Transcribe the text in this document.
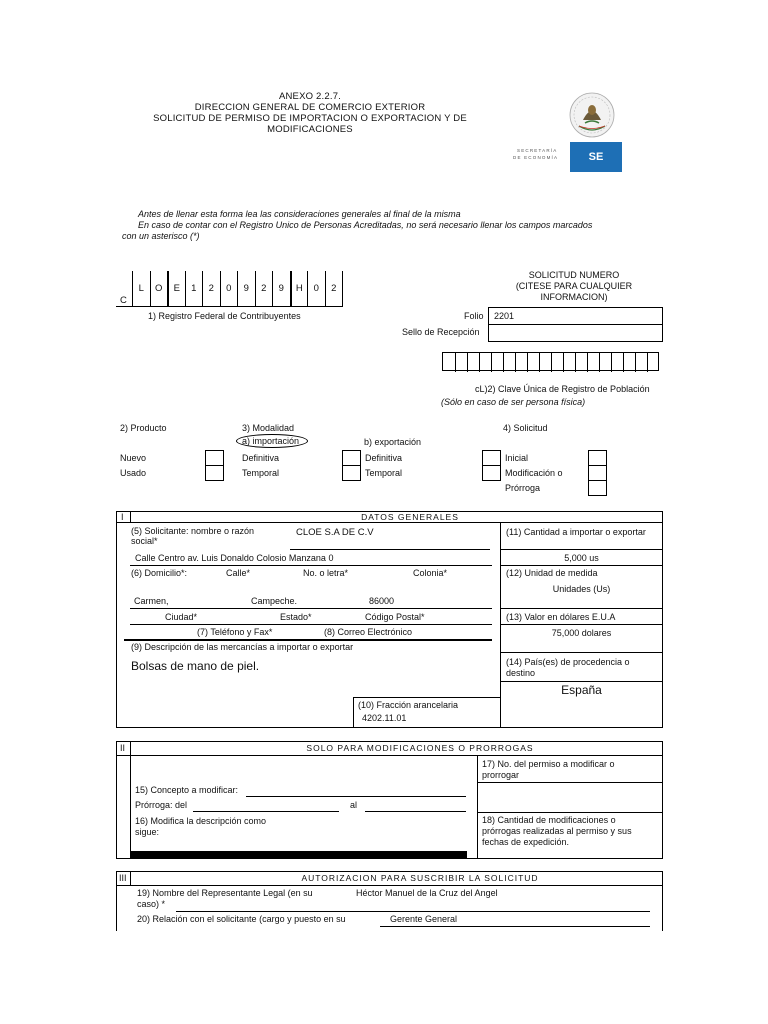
ANEXO 2.2.7.
DIRECCION GENERAL DE COMERCIO EXTERIOR
SOLICITUD DE PERMISO DE IMPORTACION O EXPORTACION Y DE
MODIFICACIONES
SECRETARÍA
DE ECONOMÍA	SE
Antes de llenar esta forma lea las consideraciones generales al final de la misma
En caso de contar con el Registro Unico de Personas Acreditadas, no será necesario llenar los campos marcados
con un asterisco (*)
C
L	O	E	1	2	0	9	2	9	H	0	2
1) Registro Federal de Contribuyentes
SOLICITUD NUMERO
(CITESE PARA CUALQUIER
INFORMACION)
Folio 2201
Sello de Recepción
cL)2) Clave Única de Registro de Población
(Sólo en caso de ser persona física)
2) Producto
Nuevo
Usado
3) Modalidad
a) importación	b) exportación
Definitiva
Temporal
Definitiva
Temporal
4) Solicitud
Inicial
Modificación o
Prórroga
I	DATOS GENERALES
(5) Solicitante: nombre o razón
social*
CLOE S.A DE C.V
Calle Centro av. Luis Donaldo Colosio Manzana 0
(6) Domicilio*:	Calle*	No. o letra*	Colonia*
Carmen,	Campeche.	86000
Ciudad*	Estado*	Código Postal*
(7) Teléfono y Fax*	(8) Correo Electrónico
(9) Descripción de las mercancías a importar o exportar
Bolsas de mano de piel.
(10) Fracción arancelaria
4202.11.01
(11) Cantidad a importar o exportar
5,000 us
(12) Unidad de medida
Unidades (Us)
(13) Valor en dólares E.U.A
75,000 dolares
(14) País(es) de procedencia o
destino
España
II	SOLO PARA MODIFICACIONES O PRORROGAS
15) Concepto a modificar:
Prórroga: del	al
16) Modifica la descripción como
sigue:
17) No. del permiso a modificar o
prorrogar
18) Cantidad de modificaciones o
prórrogas realizadas al permiso y sus
fechas de expedición.
III	AUTORIZACION PARA SUSCRIBIR LA SOLICITUD
19) Nombre del Representante Legal (en su
caso) *
Héctor Manuel de la Cruz del Angel
20) Relación con el solicitante (cargo y puesto en su	Gerente General
